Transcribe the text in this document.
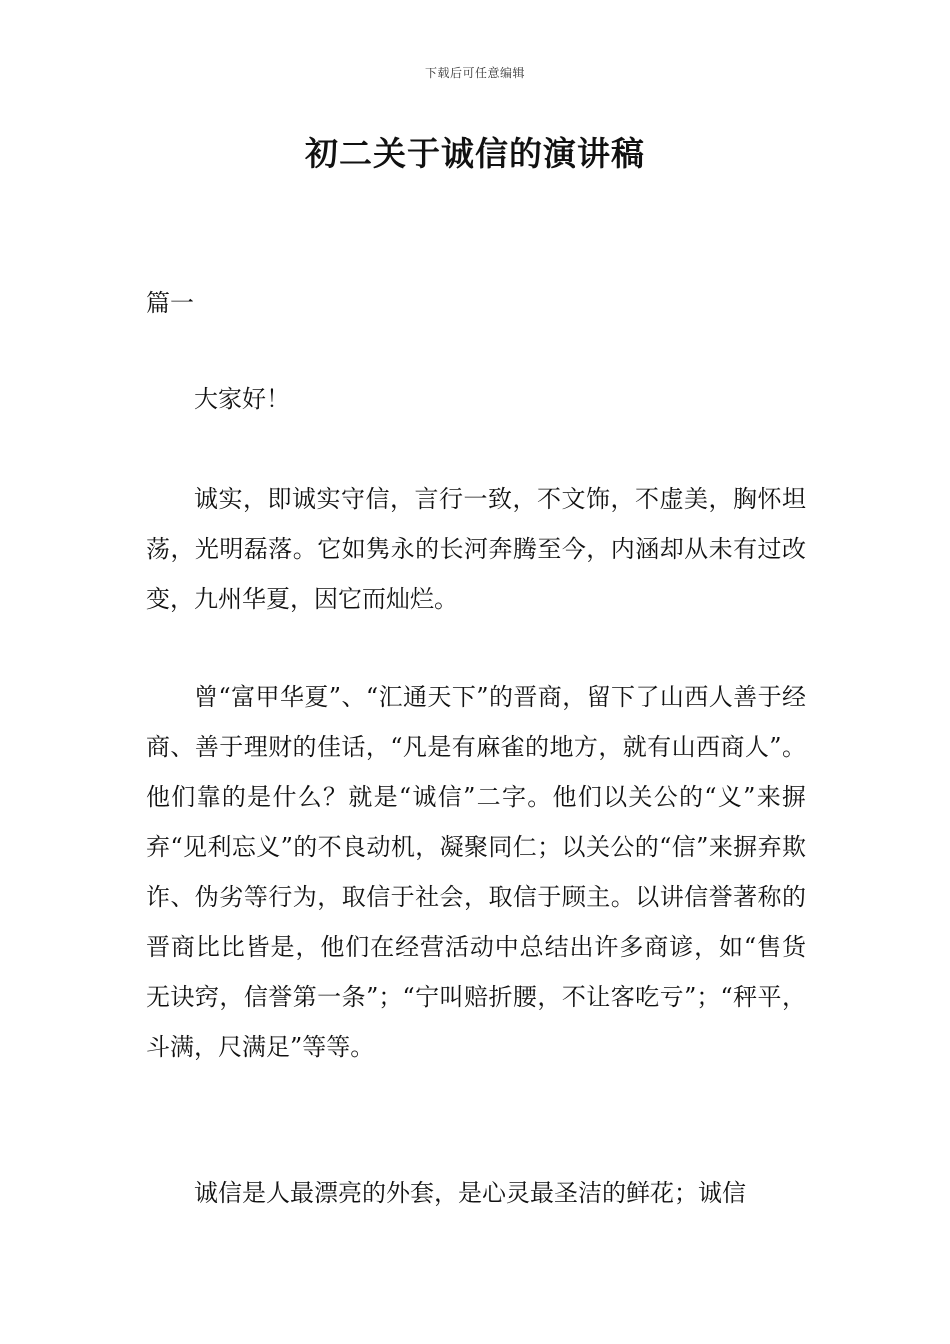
下载后可任意编辑
初二关于诚信的演讲稿
篇一

大家好！

诚实，即诚实守信，言行一致，不文饰，不虚美，胸怀坦荡，光明磊落。它如隽永的长河奔腾至今，内涵却从未有过改变，九州华夏，因它而灿烂。

曾“富甲华夏”、“汇通天下”的晋商，留下了山西人善于经商、善于理财的佳话，“凡是有麻雀的地方，就有山西商人”。他们靠的是什么？就是“诚信”二字。他们以关公的“义”来摒弃“见利忘义”的不良动机，凝聚同仁；以关公的“信”来摒弃欺诈、伪劣等行为，取信于社会，取信于顾主。以讲信誉著称的晋商比比皆是，他们在经营活动中总结出许多商谚，如“售货无诀窍，信誉第一条”；“宁叫赔折腰，不让客吃亏”；“秤平，斗满，尺满足”等等。

诚信是人最漂亮的外套，是心灵最圣洁的鲜花；诚信
